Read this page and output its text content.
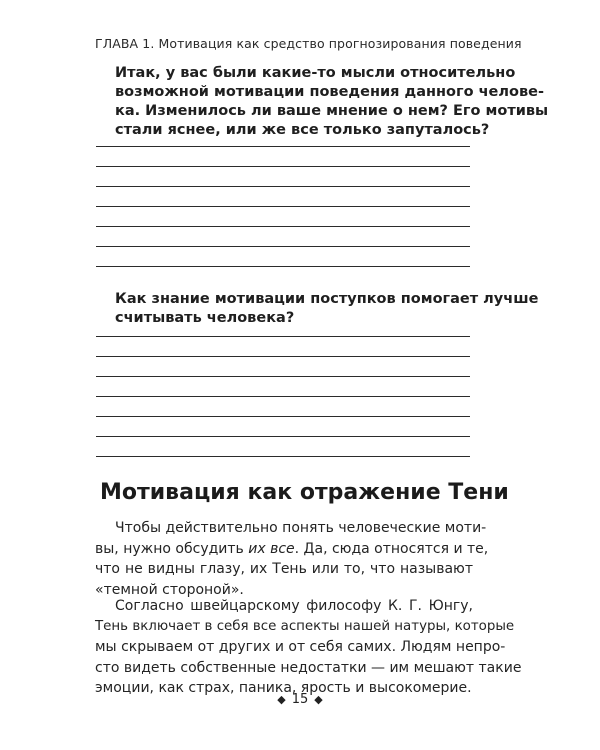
ГЛАВА 1. Мотивация как средство прогнозирования поведения
Итак, у вас были какие-то мысли относительно
возможной мотивации поведения данного челове-
ка. Изменилось ли ваше мнение о нем? Его мотивы
стали яснее, или же все только запуталось?
Как знание мотивации поступков помогает лучше
считывать человека?
Мотивация как отражение Тени
Чтобы действительно понять человеческие моти-
вы, нужно обсудить их все. Да, сюда относятся и те,
что не видны глазу, их Тень или то, что называют
«темной стороной».
Согласно швейцарскому философу К. Г. Юнгу,
Тень включает в себя все аспекты нашей натуры, которые
мы скрываем от других и от себя самих. Людям непро-
сто видеть собственные недостатки — им мешают такие
эмоции, как страх, паника, ярость и высокомерие.
◆ 15 ◆
